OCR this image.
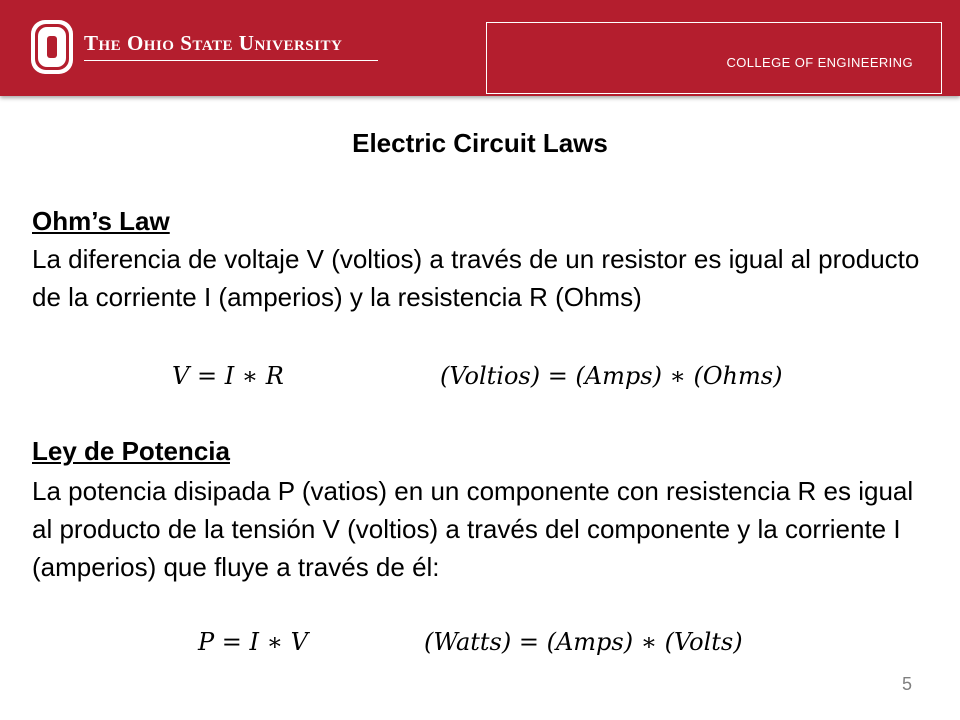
THE OHIO STATE UNIVERSITY
COLLEGE OF ENGINEERING
Electric Circuit Laws
Ohm’s Law
La diferencia de voltaje V (voltios) a través de un resistor es igual al producto de la corriente I (amperios) y la resistencia R (Ohms)
V = I ∗ R	(Voltios) = (Amps) ∗ (Ohms)
Ley de Potencia
La potencia disipada P (vatios) en un componente con resistencia R es igual al producto de la tensión V (voltios) a través del componente y la corriente I (amperios) que fluye a través de él:
P = I ∗ V	(Watts) = (Amps) ∗ (Volts)
5
